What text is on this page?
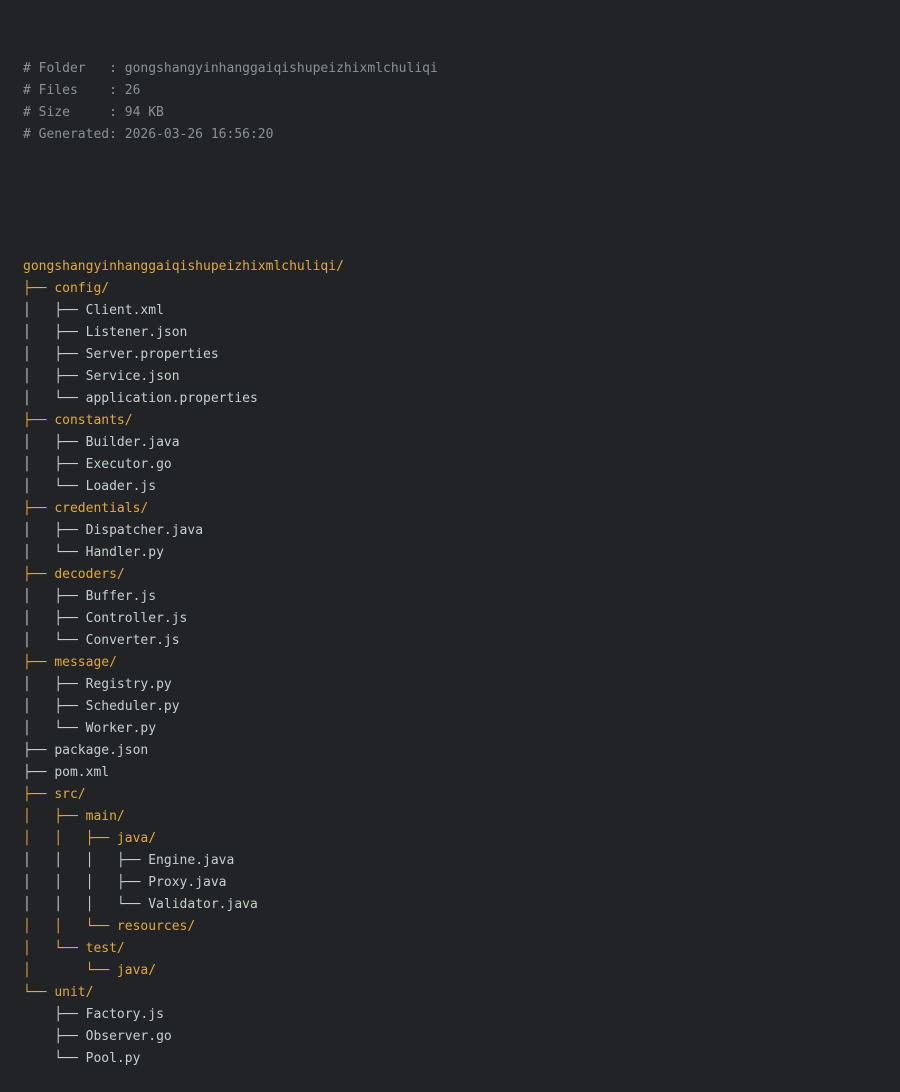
# Folder   : gongshangyinhanggaiqishupeizhixmlchuliqi
# Files    : 26
# Size     : 94 KB
# Generated: 2026-03-26 16:56:20

gongshangyinhanggaiqishupeizhixmlchuliqi/
├── config/
│   ├── Client.xml
│   ├── Listener.json
│   ├── Server.properties
│   ├── Service.json
│   └── application.properties
├── constants/
│   ├── Builder.java
│   ├── Executor.go
│   └── Loader.js
├── credentials/
│   ├── Dispatcher.java
│   └── Handler.py
├── decoders/
│   ├── Buffer.js
│   ├── Controller.js
│   └── Converter.js
├── message/
│   ├── Registry.py
│   ├── Scheduler.py
│   └── Worker.py
├── package.json
├── pom.xml
├── src/
│   ├── main/
│   │   ├── java/
│   │   │   ├── Engine.java
│   │   │   ├── Proxy.java
│   │   │   └── Validator.java
│   │   └── resources/
│   └── test/
│       └── java/
└── unit/
├── Factory.js
├── Observer.go
└── Pool.py
